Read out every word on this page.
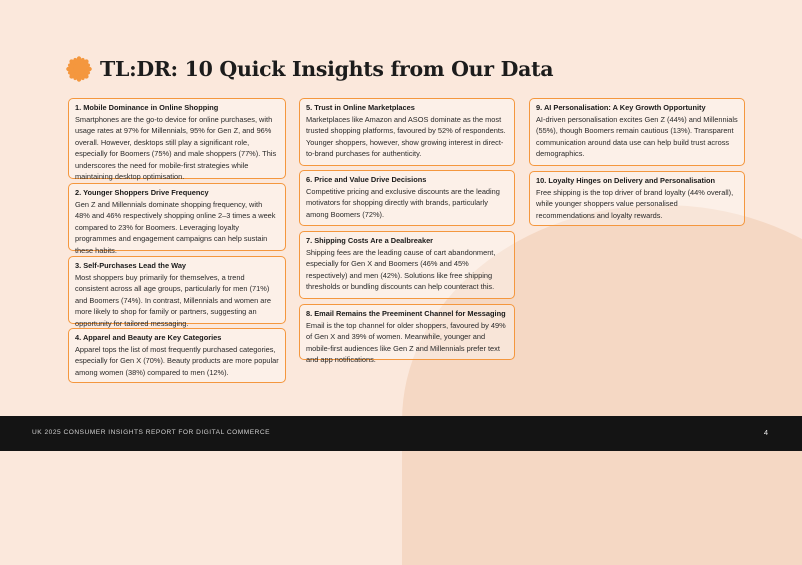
TL:DR: 10 Quick Insights from Our Data
1. Mobile Dominance in Online Shopping
Smartphones are the go-to device for online purchases, with usage rates at 97% for Millennials, 95% for Gen Z, and 96% overall. However, desktops still play a significant role, especially for Boomers (75%) and male shoppers (77%). This underscores the need for mobile-first strategies while maintaining desktop optimisation.
2. Younger Shoppers Drive Frequency
Gen Z and Millennials dominate shopping frequency, with 48% and 46% respectively shopping online 2–3 times a week compared to 23% for Boomers. Leveraging loyalty programmes and engagement campaigns can help sustain these habits.
3. Self-Purchases Lead the Way
Most shoppers buy primarily for themselves, a trend consistent across all age groups, particularly for men (71%) and Boomers (74%). In contrast, Millennials and women are more likely to shop for family or partners, suggesting an opportunity for tailored messaging.
4. Apparel and Beauty are Key Categories
Apparel tops the list of most frequently purchased categories, especially for Gen X (70%). Beauty products are more popular among women (38%) compared to men (12%).
5. Trust in Online Marketplaces
Marketplaces like Amazon and ASOS dominate as the most trusted shopping platforms, favoured by 52% of respondents. Younger shoppers, however, show growing interest in direct-to-brand purchases for authenticity.
6. Price and Value Drive Decisions
Competitive pricing and exclusive discounts are the leading motivators for shopping directly with brands, particularly among Boomers (72%).
7. Shipping Costs Are a Dealbreaker
Shipping fees are the leading cause of cart abandonment, especially for Gen X and Boomers (46% and 45% respectively) and men (42%). Solutions like free shipping thresholds or bundling discounts can help counteract this.
8. Email Remains the Preeminent Channel for Messaging
Email is the top channel for older shoppers, favoured by 49% of Gen X and 39% of women. Meanwhile, younger and mobile-first audiences like Gen Z and Millennials prefer text and app notifications.
9. AI Personalisation: A Key Growth Opportunity
AI-driven personalisation excites Gen Z (44%) and Millennials (55%), though Boomers remain cautious (13%). Transparent communication around data use can help build trust across demographics.
10. Loyalty Hinges on Delivery and Personalisation
Free shipping is the top driver of brand loyalty (44% overall), while younger shoppers value personalised recommendations and loyalty rewards.
UK 2025 CONSUMER INSIGHTS REPORT FOR DIGITAL COMMERCE	4
